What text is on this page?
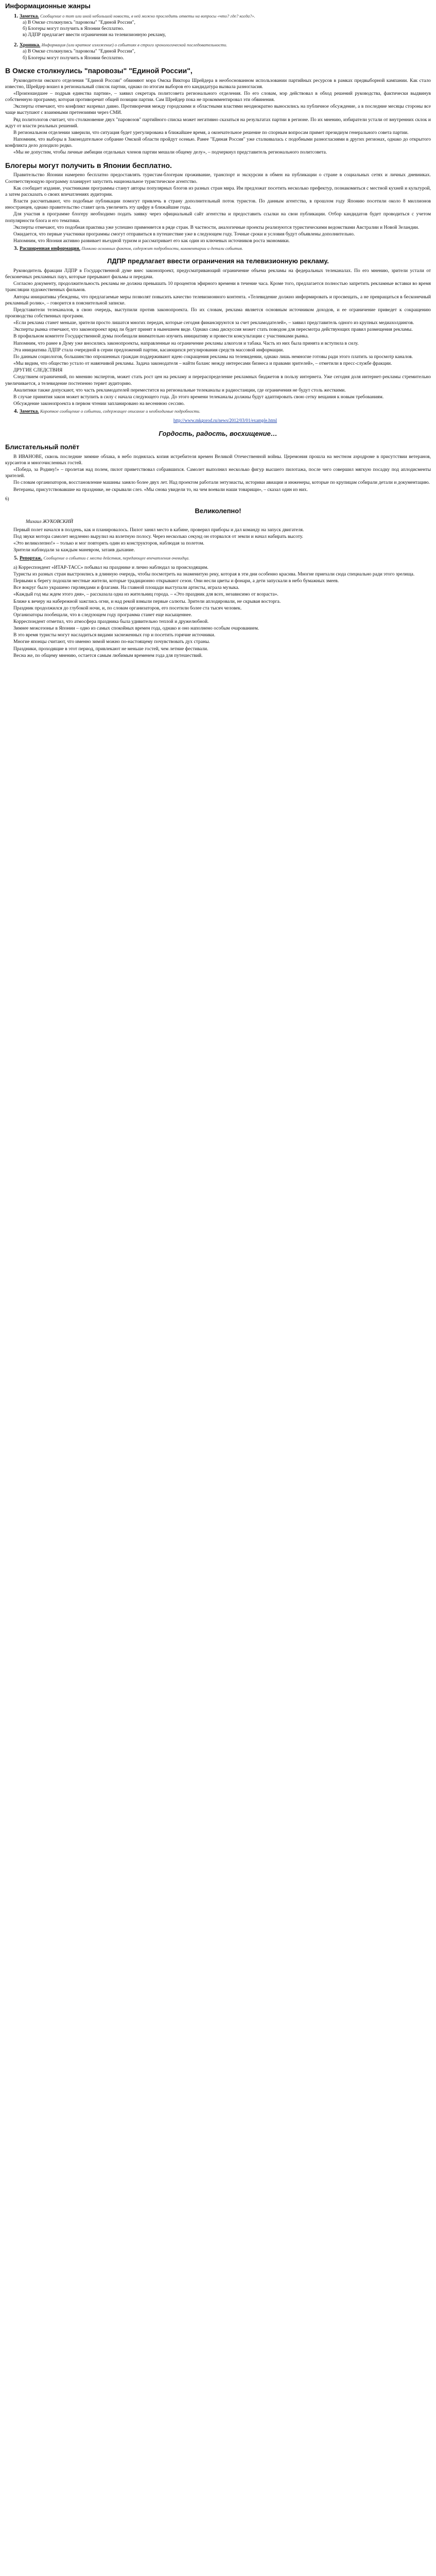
Информационные жанры
1. Заметка. Сообщение о тот или иной небольшой новости, в ней можно проследить ответы на вопросы «что? где? когда?».
а) В Омске столкнулись "паровозы" "Единой России",
б) Блогеры могут получить в Японии бесплатно.
в) ЛДПР предлагает ввести ограничения на телевизионную рекламу,
2. Хроника. Информация (или краткое изложение) о событиях в строго хронологической последовательности.
а) В Омске столкнулись "паровозы" "Единой России",
б) Блогеры могут получить в Японии бесплатно.
В Омске столкнулись "паровозы" "Единой России",

Руководители омского отделения "Единой России" обвиняют мэра Омска Виктора Шрейдера в необоснованном использовании партийных ресурсов в рамках предвыборной кампании. Как стало известно, Шрейдер вошел в региональный список партии, однако по итогам выборов его кандидатура вызвала разногласия.

«Произошедшее – подрыв единства партии», – заявил секретарь политсовета регионального отделения. По его словам, мэр действовал в обход решений руководства, фактически выдвинув собственную программу, которая противоречит общей позиции партии. Сам Шрейдер пока не прокомментировал эти обвинения.

Эксперты отмечают, что конфликт назревал давно. Противоречия между городскими и областными властями неоднократно выносились на публичное обсуждение, а в последние месяцы стороны все чаще выступают с взаимными претензиями через СМИ.

Ряд политологов считает, что столкновение двух "паровозов" партийного списка может негативно сказаться на результатах партии в регионе. По их мнению, избиратели устали от внутренних склок и ждут от власти реальных решений.

В региональном отделении заверили, что ситуация будет урегулирована в ближайшее время, а окончательное решение по спорным вопросам примет президиум генерального совета партии.

Напомним, что выборы в Законодательное собрание Омской области пройдут осенью. Ранее "Единая Россия" уже сталкивалась с подобными разногласиями в других регионах, однако до открытого конфликта дело доходило редко.

«Мы не допустим, чтобы личные амбиции отдельных членов партии мешали общему делу», – подчеркнул представитель регионального политсовета.

Блогеры могут получить в Японии бесплатно.

Правительство Японии намерено бесплатно предоставлять туристам-блогерам проживание, транспорт и экскурсии в обмен на публикации о стране в социальных сетях и личных дневниках. Соответствующую программу планирует запустить национальное туристическое агентство.

Как сообщает издание, участниками программы станут авторы популярных блогов из разных стран мира. Им предложат посетить несколько префектур, познакомиться с местной кухней и культурой, а затем рассказать о своих впечатлениях аудитории.

Власти рассчитывают, что подобные публикации помогут привлечь в страну дополнительный поток туристов. По данным агентства, в прошлом году Японию посетили около 8 миллионов иностранцев, однако правительство ставит цель увеличить эту цифру в ближайшие годы.

Для участия в программе блогеру необходимо подать заявку через официальный сайт агентства и предоставить ссылки на свои публикации. Отбор кандидатов будет проводиться с учетом популярности блога и его тематики.

Эксперты отмечают, что подобная практика уже успешно применяется в ряде стран. В частности, аналогичные проекты реализуются туристическими ведомствами Австралии и Новой Зеландии.

Ожидается, что первые участники программы смогут отправиться в путешествие уже в следующем году. Точные сроки и условия будут объявлены дополнительно.

Напомним, что Япония активно развивает въездной туризм и рассматривает его как один из ключевых источников роста экономики.

3. Расширенная информация. Помимо основных фактов, содержит подробности, комментарии и детали события.
ЛДПР предлагает ввести ограничения на телевизионную рекламу.

Руководитель фракции ЛДПР в Государственной думе внес законопроект, предусматривающий ограничение объема рекламы на федеральных телеканалах. По его мнению, зрители устали от бесконечных рекламных пауз, которые прерывают фильмы и передачи.

Согласно документу, продолжительность рекламы не должна превышать 10 процентов эфирного времени в течение часа. Кроме того, предлагается полностью запретить рекламные вставки во время трансляции художественных фильмов.

Авторы инициативы убеждены, что предлагаемые меры позволят повысить качество телевизионного контента. «Телевидение должно информировать и просвещать, а не превращаться в бесконечный рекламный ролик», – говорится в пояснительной записке.

Представители телеканалов, в свою очередь, выступили против законопроекта. По их словам, реклама является основным источником доходов, и ее ограничение приведет к сокращению производства собственных программ.

«Если реклама станет меньше, зрители просто лишатся многих передач, которые сегодня финансируются за счет рекламодателей», – заявил представитель одного из крупных медиахолдингов.

Эксперты рынка отмечают, что законопроект вряд ли будет принят в нынешнем виде. Однако сама дискуссия может стать поводом для пересмотра действующих правил размещения рекламы.

В профильном комитете Государственной думы пообещали внимательно изучить инициативу и провести консультации с участниками рынка.

Напомним, что ранее в Думу уже вносились законопроекты, направленные на ограничение рекламы алкоголя и табака. Часть из них была принята и вступила в силу.

Эта инициатива ЛДПР стала очередной в серии предложений партии, касающихся регулирования средств массовой информации.

По данным социологов, большинство опрошенных граждан поддерживают идею сокращения рекламы на телевидении, однако лишь немногие готовы ради этого платить за просмотр каналов.

«Мы видим, что общество устало от навязчивой рекламы. Задача законодателя – найти баланс между интересами бизнеса и правами зрителей», – отметили в пресс-службе фракции.

ДРУГИЕ СЛЕДСТВИЯ

Следствием ограничений, по мнению экспертов, может стать рост цен на рекламу и перераспределение рекламных бюджетов в пользу интернета. Уже сегодня доля интернет-рекламы стремительно увеличивается, а телевидение постепенно теряет аудиторию.

Аналитики также допускают, что часть рекламодателей переместится на региональные телеканалы и радиостанции, где ограничения не будут столь жесткими.

В случае принятия закон может вступить в силу с начала следующего года. До этого времени телеканалы должны будут адаптировать свою сетку вещания к новым требованиям.

Обсуждение законопроекта в первом чтении запланировано на весеннюю сессию.

4. Заметка. Короткое сообщение о событии, содержащее описание и необходимые подробности.
http://www.mkgorod.ru/news/2012/03/01/example.html
Гордость, радость, восхищение…
Блистательный полёт

В ИВАНОВЕ, сквозь последние зимние облака, в небо поднялась копия истребителя времен Великой Отечественной войны. Церемония прошла на местном аэродроме в присутствии ветеранов, курсантов и многочисленных гостей.

«Победа, за Родину!» – пролетая над полем, пилот приветствовал собравшихся. Самолет выполнил несколько фигур высшего пилотажа, после чего совершил мягкую посадку под аплодисменты зрителей.

По словам организаторов, восстановление машины заняло более двух лет. Над проектом работали энтузиасты, историки авиации и инженеры, которые по крупицам собирали детали и документацию.

Ветераны, присутствовавшие на празднике, не скрывали слез. «Мы снова увидели то, на чем воевали наши товарищи», – сказал один из них.

6)
Великолепно!
Михаил ЖУКОВСКИЙ

Первый полет начался в полдень, как и планировалось. Пилот занял место в кабине, проверил приборы и дал команду на запуск двигателя.

Под звуки мотора самолет медленно вырулил на взлетную полосу. Через несколько секунд он оторвался от земли и начал набирать высоту.

«Это великолепно!» – только и мог повторять один из конструкторов, наблюдая за полетом.

Зрители наблюдали за каждым маневром, затаив дыхание.

5. Репортаж. Сообщение о событии с места действия, передающее впечатления очевидца.

а) Корреспондент «ИТАР-ТАСС» побывал на празднике и лично наблюдал за происходящим.

Туристы из разных стран выстроились в длинную очередь, чтобы посмотреть на знаменитую реку, которая в эти дни особенно красива. Многие приехали сюда специально ради этого зрелища.

Первыми к берегу подошли местные жители, которые традиционно открывают сезон. Они несли цветы и фонари, а дети запускали в небо бумажных змеев.

Все вокруг было украшено гирляндами и флагами. На главной площади выступали артисты, играла музыка.

«Каждый год мы ждем этого дня», – рассказала одна из жительниц города. – «Это праздник для всех, независимо от возраста».

Ближе к вечеру на набережной зажглись огни, и над рекой взмыли первые салюты. Зрители аплодировали, не скрывая восторга.

Праздник продолжился до глубокой ночи, и, по словам организаторов, его посетили более ста тысяч человек.

Организаторы пообещали, что в следующем году программа станет еще насыщеннее.

Корреспондент отметил, что атмосфера праздника была удивительно теплой и дружелюбной.

Зимнее межсезонье в Японии – одно из самых спокойных времен года, однако и оно наполнено особым очарованием.

В это время туристы могут насладиться видами заснеженных гор и посетить горячие источники.

Многие японцы считают, что именно зимой можно по-настоящему почувствовать дух страны.

Праздники, проходящие в этот период, привлекают не меньше гостей, чем летние фестивали.

Весна же, по общему мнению, остается самым любимым временем года для путешествий.
